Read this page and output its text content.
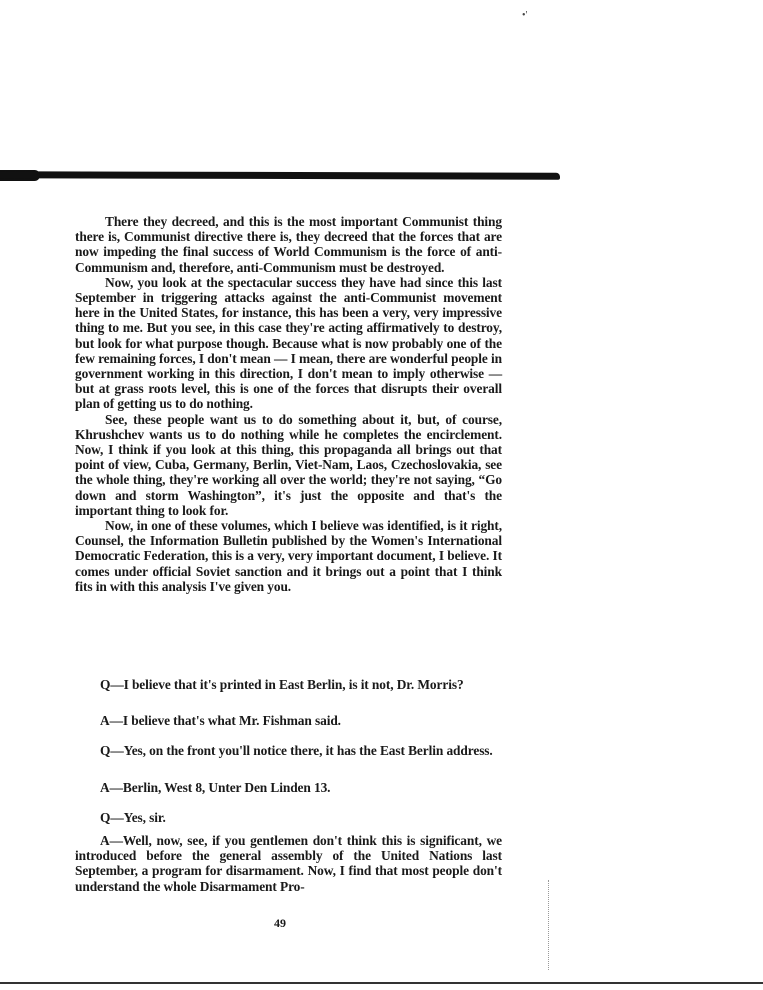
•'

There they decreed, and this is the most important Communist thing there is, Communist directive there is, they decreed that the forces that are now impeding the final success of World Communism is the force of anti-Communism and, therefore, anti-Communism must be destroyed.

Now, you look at the spectacular success they have had since this last September in triggering attacks against the anti-Communist movement here in the United States, for instance, this has been a very, very impressive thing to me. But you see, in this case they're acting affirmatively to destroy, but look for what purpose though. Because what is now probably one of the few remaining forces, I don't mean — I mean, there are wonderful people in government working in this direction, I don't mean to imply otherwise — but at grass roots level, this is one of the forces that disrupts their overall plan of getting us to do nothing.

See, these people want us to do something about it, but, of course, Khrushchev wants us to do nothing while he completes the encirclement. Now, I think if you look at this thing, this propaganda all brings out that point of view, Cuba, Germany, Berlin, Viet-Nam, Laos, Czechoslovakia, see the whole thing, they're working all over the world; they're not saying, “Go down and storm Washington”, it's just the opposite and that's the important thing to look for.

Now, in one of these volumes, which I believe was identified, is it right, Counsel, the Information Bulletin published by the Women's International Democratic Federation, this is a very, very important document, I believe. It comes under official Soviet sanction and it brings out a point that I think fits in with this analysis I've given you.

Q—I believe that it's printed in East Berlin, is it not, Dr. Morris?

A—I believe that's what Mr. Fishman said.

Q—Yes, on the front you'll notice there, it has the East Berlin address.

A—Berlin, West 8, Unter Den Linden 13.

Q—Yes, sir.

A—Well, now, see, if you gentlemen don't think this is significant, we introduced before the general assembly of the United Nations last September, a program for disarmament. Now, I find that most people don't understand the whole Disarmament Pro-

49
